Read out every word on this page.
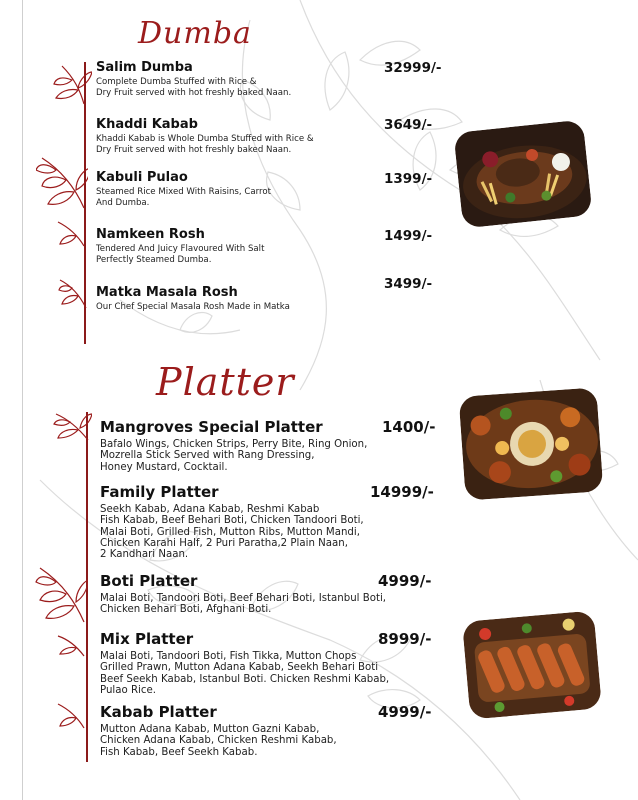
Dumba
Salim Dumba
Complete Dumba Stuffed with Rice &
Dry Fruit served with hot freshly baked Naan.
32999/-
Khaddi Kabab
Khaddi Kabab is Whole Dumba Stuffed with Rice &
Dry Fruit served with hot freshly baked Naan.
3649/-
Kabuli Pulao
Steamed Rice Mixed With Raisins, Carrot
And Dumba.
1399/-
Namkeen Rosh
Tendered And Juicy Flavoured With Salt
Perfectly Steamed Dumba.
1499/-
Matka Masala Rosh
Our Chef Special Masala Rosh Made in Matka
3499/-
Platter
Mangroves Special Platter
Bafalo Wings, Chicken Strips, Perry Bite, Ring Onion,
Mozrella Stick Served with Rang Dressing,
Honey Mustard, Cocktail.
1400/-
Family Platter
Seekh Kabab, Adana Kabab, Reshmi Kabab
Fish Kabab, Beef Behari Boti, Chicken Tandoori Boti,
Malai Boti, Grilled Fish, Mutton Ribs, Mutton Mandi,
Chicken Karahi Half, 2 Puri Paratha,2 Plain Naan,
2 Kandhari Naan.
14999/-
Boti Platter
Malai Boti, Tandoori Boti, Beef Behari Boti, Istanbul Boti,
Chicken Behari Boti, Afghani Boti.
4999/-
Mix Platter
Malai Boti, Tandoori Boti, Fish Tikka, Mutton Chops
Grilled Prawn, Mutton Adana Kabab, Seekh Behari Boti
Beef Seekh Kabab, Istanbul Boti. Chicken Reshmi Kabab,
Pulao Rice.
8999/-
Kabab Platter
Mutton Adana Kabab, Mutton Gazni Kabab,
Chicken Adana Kabab, Chicken Reshmi Kabab,
Fish Kabab, Beef Seekh Kabab.
4999/-
